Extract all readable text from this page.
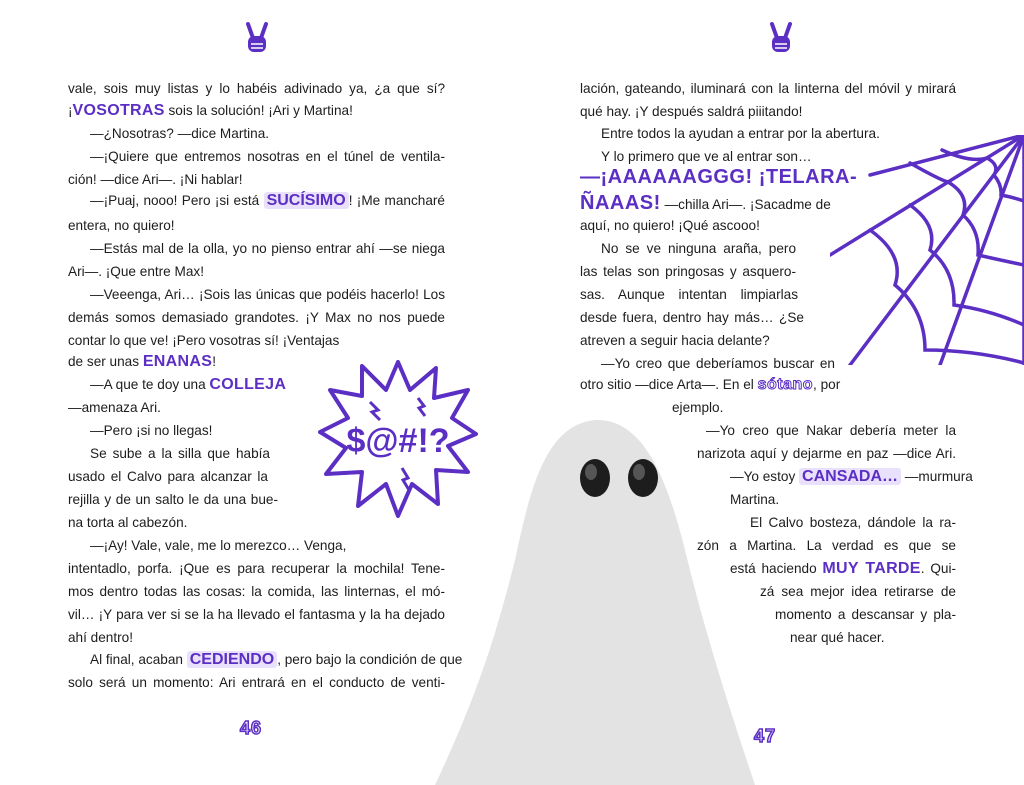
vale, sois muy listas y lo habéis adivinado ya, ¿a que sí?
¡VOSOTRAS sois la solución! ¡Ari y Martina!
—¿Nosotras? —dice Martina.
—¡Quiere que entremos nosotras en el túnel de ventila-
ción! —dice Ari—. ¡Ni hablar!
—¡Puaj, nooo! Pero ¡si está SUCÍSIMO ! ¡Me mancharé
entera, no quiero!
—Estás mal de la olla, yo no pienso entrar ahí —se niega
Ari—. ¡Que entre Max!
—Veeenga, Ari… ¡Sois las únicas que podéis hacerlo! Los
demás somos demasiado grandotes. ¡Y Max no nos puede
contar lo que ve! ¡Pero vosotras sí! ¡Ventajas
de ser unas ENANAS!
—A que te doy una COLLEJA
—amenaza Ari.
—Pero ¡si no llegas!
Se sube a la silla que había
usado el Calvo para alcanzar la
rejilla y de un salto le da una bue-
na torta al cabezón.
—¡Ay! Vale, vale, me lo merezco… Venga,
intentadlo, porfa. ¡Que es para recuperar la mochila! Tene-
mos dentro todas las cosas: la comida, las linternas, el mó-
vil… ¡Y para ver si se la ha llevado el fantasma y la ha dejado
ahí dentro!
Al final, acaban CEDIENDO , pero bajo la condición de que
solo será un momento: Ari entrará en el conducto de venti-
46	47
$@#!?
lación, gateando, iluminará con la linterna del móvil y mirará
qué hay. ¡Y después saldrá piiitando!
Entre todos la ayudan a entrar por la abertura.
Y lo primero que ve al entrar son…
—¡AAAAAAGGG! ¡TELARA-
ÑAAAS! —chilla Ari—. ¡Sacadme de
aquí, no quiero! ¡Qué ascooo!
No se ve ninguna araña, pero
las telas son pringosas y asquero-
sas. Aunque intentan limpiarlas
desde fuera, dentro hay más… ¿Se
atreven a seguir hacia delante?
—Yo creo que deberíamos buscar en
otro sitio —dice Arta—. En el sótano, por
ejemplo.
—Yo creo que Nakar debería meter la
narizota aquí y dejarme en paz —dice Ari.
—Yo estoy CANSADA… —murmura
Martina.
El Calvo bosteza, dándole la ra-
zón a Martina. La verdad es que se
está haciendo MUY TARDE. Qui-
zá sea mejor idea retirarse de
momento a descansar y pla-
near qué hacer.
